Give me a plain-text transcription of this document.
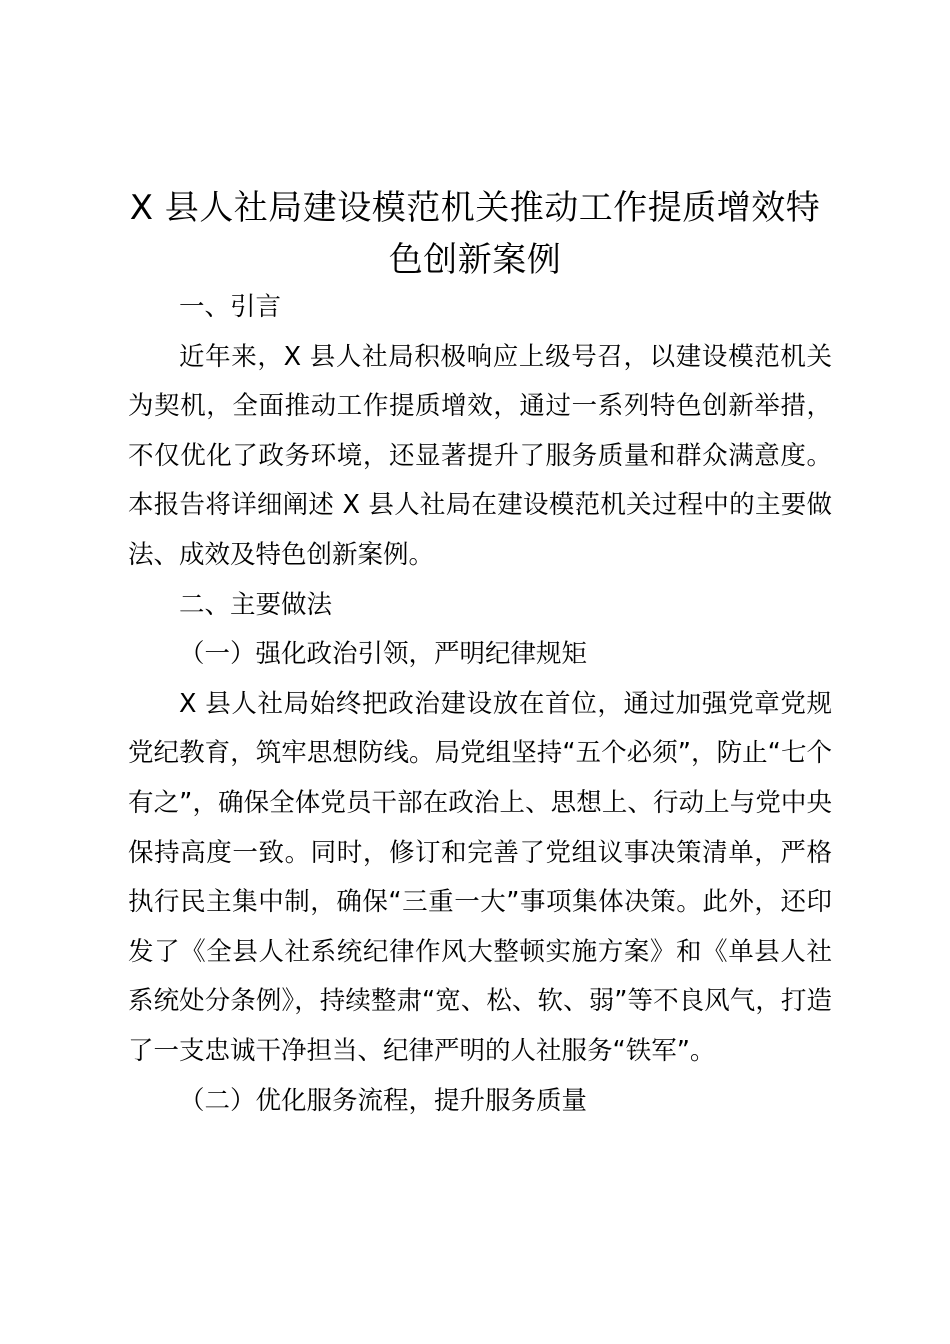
X 县人社局建设模范机关推动工作提质增效特色创新案例

一、引言

近年来，X 县人社局积极响应上级号召，以建设模范机关为契机，全面推动工作提质增效，通过一系列特色创新举措，不仅优化了政务环境，还显著提升了服务质量和群众满意度。本报告将详细阐述 X 县人社局在建设模范机关过程中的主要做法、成效及特色创新案例。

二、主要做法

（一）强化政治引领，严明纪律规矩

X 县人社局始终把政治建设放在首位，通过加强党章党规党纪教育，筑牢思想防线。局党组坚持“五个必须”，防止“七个有之”，确保全体党员干部在政治上、思想上、行动上与党中央保持高度一致。同时，修订和完善了党组议事决策清单，严格执行民主集中制，确保“三重一大”事项集体决策。此外，还印发了《全县人社系统纪律作风大整顿实施方案》和《单县人社系统处分条例》，持续整肃“宽、松、软、弱”等不良风气，打造了一支忠诚干净担当、纪律严明的人社服务“铁军”。

（二）优化服务流程，提升服务质量
